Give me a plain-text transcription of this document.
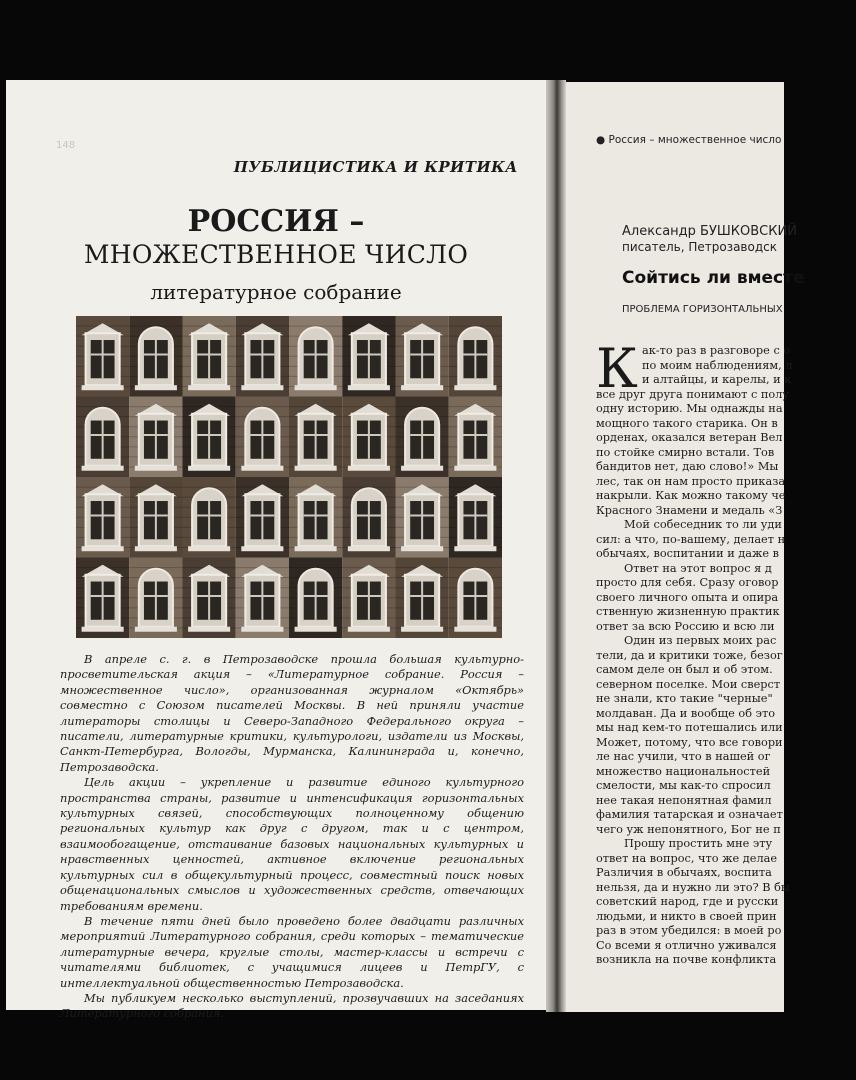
148
ПУБЛИЦИСТИКА И КРИТИКА
РОССИЯ –
МНОЖЕСТВЕННОЕ ЧИСЛО
литературное собрание

В апреле с. г. в Петрозаводске прошла большая культурно-просветительская акция – «Литературное собрание. Россия – множественное число», организованная журналом «Октябрь» совместно с Союзом писателей Москвы. В ней приняли участие литераторы столицы и Северо-Западного Федерального округа – писатели, литературные критики, культурологи, издатели из Москвы, Санкт-Петербурга, Вологды, Мурманска, Калининграда и, конечно, Петрозаводска.

Цель акции – укрепление и развитие единого культурного пространства страны, развитие и интенсификация горизонтальных культурных связей, способствующих полноценному общению региональных культур как друг с другом, так и с центром, взаимообогащение, отстаивание базовых национальных культурных и нравственных ценностей, активное включение региональных культурных сил в общекультурный процесс, совместный поиск новых общенациональных смыслов и художественных средств, отвечающих требованиям времени.

В течение пяти дней было проведено более двадцати различных мероприятий Литературного собрания, среди которых – тематические литературные вечера, круглые столы, мастер-классы и встречи с читателями библиотек, с учащимися лицеев и ПетрГУ, с интеллектуальной общественностью Петрозаводска.

Мы публикуем несколько выступлений, прозвучавших на заседаниях Литературного собрания.

● Россия – множественное число
Александр БУШКОВСКИЙ
писатель, Петрозаводск
Сойтись ли вместе
ПРОБЛЕМА ГОРИЗОНТАЛЬНЫХ
К ак-то раз в разговоре с о
по моим наблюдениям, л
и алтайцы, и карелы, и к
все друг друга понимают с полу
одну историю. Мы однажды на
мощного такого старика. Он в
орденах, оказался ветеран Вел
по стойке смирно встали. Тов
бандитов нет, даю слово!» Мы
лес, так он нам просто приказа
накрыли. Как можно такому че
Красного Знамени и медаль «З
Мой собеседник то ли уди
сил: а что, по-вашему, делает н
обычаях, воспитании и даже в
Ответ на этот вопрос я д
просто для себя. Сразу оговор
своего личного опыта и опира
ственную жизненную практик
ответ за всю Россию и всю ли
Один из первых моих рас
тели, да и критики тоже, безог
самом деле он был и об этом.
северном поселке. Мои сверст
не знали, кто такие "черные"
молдаван. Да и вообще об это
мы над кем-то потешались или
Может, потому, что все говори
ле нас учили, что в нашей ог
множество национальностей
смелости, мы как-то спросил
нее такая непонятная фамил
фамилия татарская и означает
чего уж непонятного, Бог не п
Прошу простить мне эту
ответ на вопрос, что же делае
Различия в обычаях, воспита
нельзя, да и нужно ли это? В бы
советский народ, где и русски
людьми, и никто в своей прин
раз в этом убедился: в моей ро
Со всеми я отлично уживался
возникла на почве конфликта
